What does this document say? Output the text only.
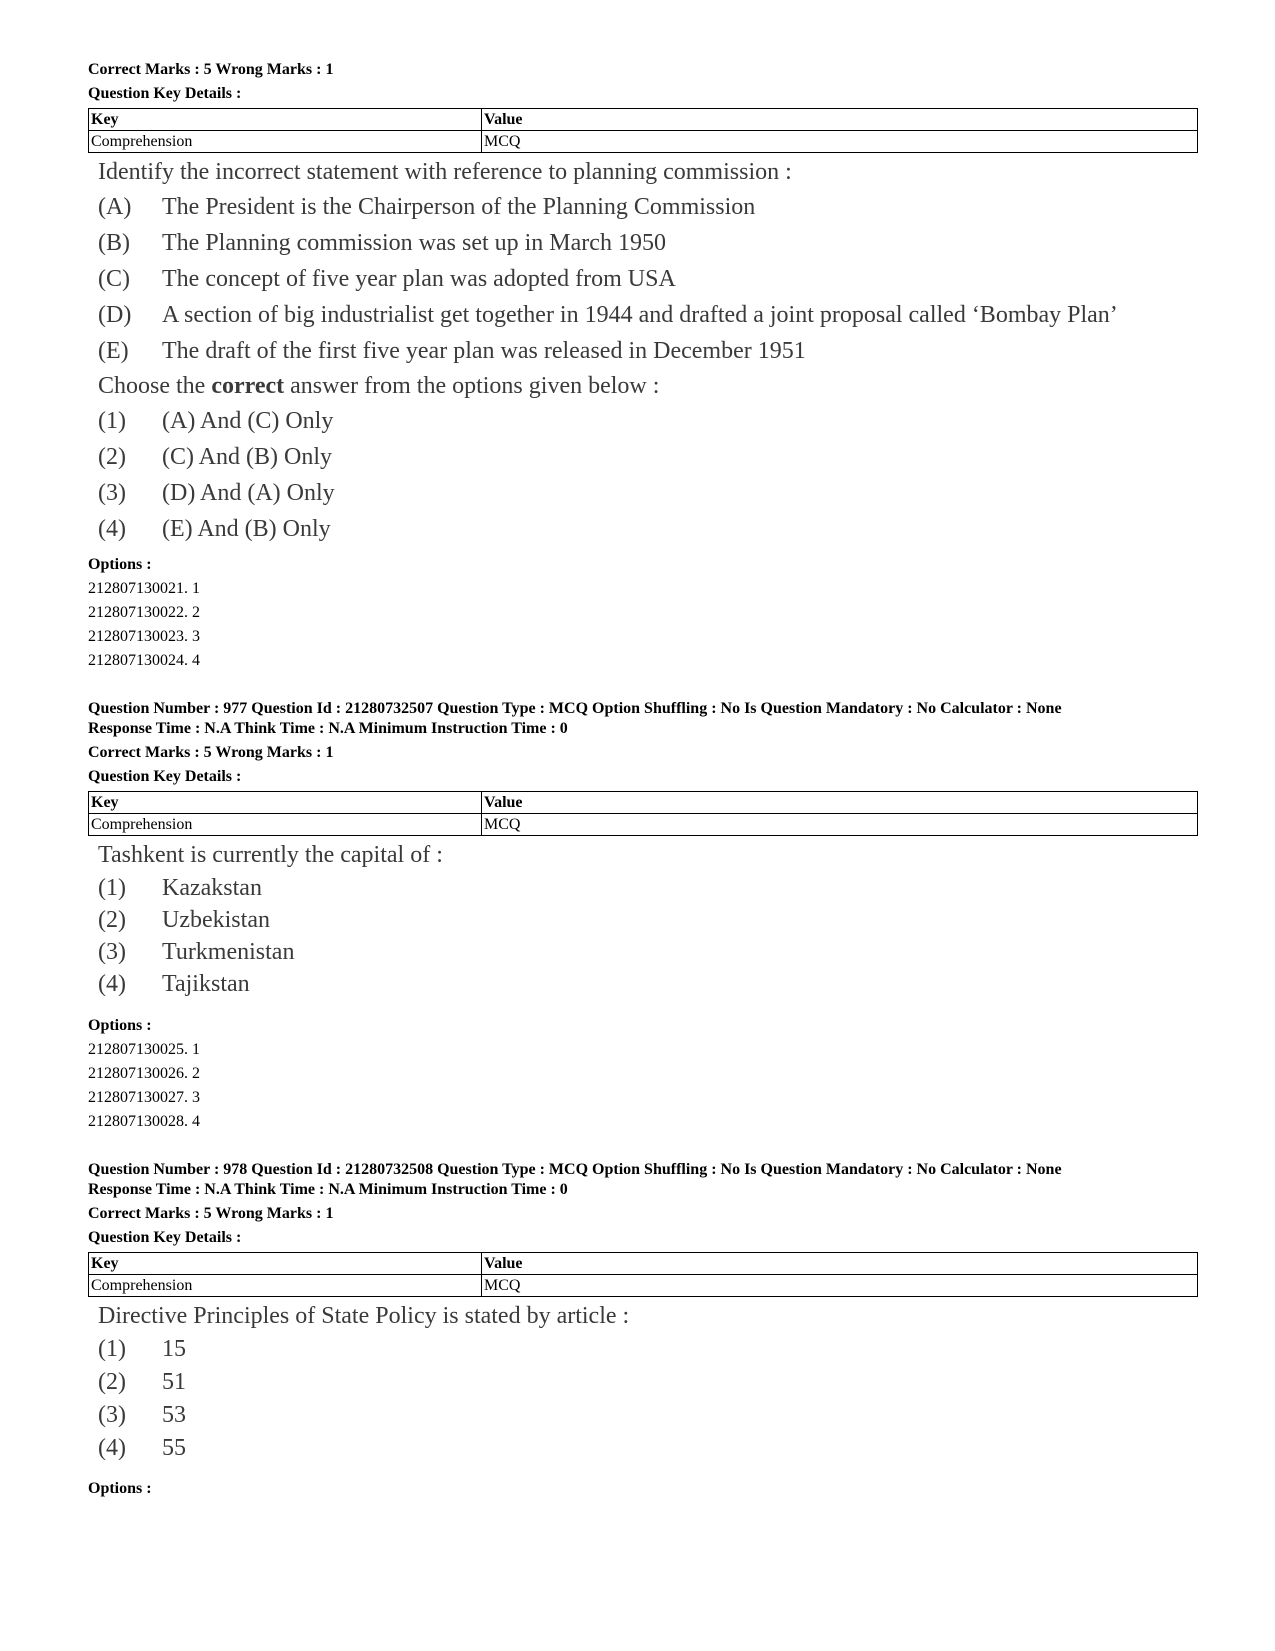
Correct Marks : 5 Wrong Marks : 1
Question Key Details :
Key	Value
Comprehension	MCQ
Identify the incorrect statement with reference to planning commission :
(A)	The President is the Chairperson of the Planning Commission
(B)	The Planning commission was set up in March 1950
(C)	The concept of five year plan was adopted from USA
(D)	A section of big industrialist get together in 1944 and drafted a joint proposal called ‘Bombay Plan’
(E)	The draft of the first five year plan was released in December 1951
Choose the correct answer from the options given below :
(1)	(A) And (C) Only
(2)	(C) And (B) Only
(3)	(D) And (A) Only
(4)	(E) And (B) Only
Options :
212807130021. 1
212807130022. 2
212807130023. 3
212807130024. 4
Question Number : 977 Question Id : 21280732507 Question Type : MCQ Option Shuffling : No Is Question Mandatory : No Calculator : None
Response Time : N.A Think Time : N.A Minimum Instruction Time : 0
Correct Marks : 5 Wrong Marks : 1
Question Key Details :
Key	Value
Comprehension	MCQ
Tashkent is currently the capital of :
(1)	Kazakstan
(2)	Uzbekistan
(3)	Turkmenistan
(4)	Tajikstan
Options :
212807130025. 1
212807130026. 2
212807130027. 3
212807130028. 4
Question Number : 978 Question Id : 21280732508 Question Type : MCQ Option Shuffling : No Is Question Mandatory : No Calculator : None
Response Time : N.A Think Time : N.A Minimum Instruction Time : 0
Correct Marks : 5 Wrong Marks : 1
Question Key Details :
Key	Value
Comprehension	MCQ
Directive Principles of State Policy is stated by article :
(1)	15
(2)	51
(3)	53
(4)	55
Options :
